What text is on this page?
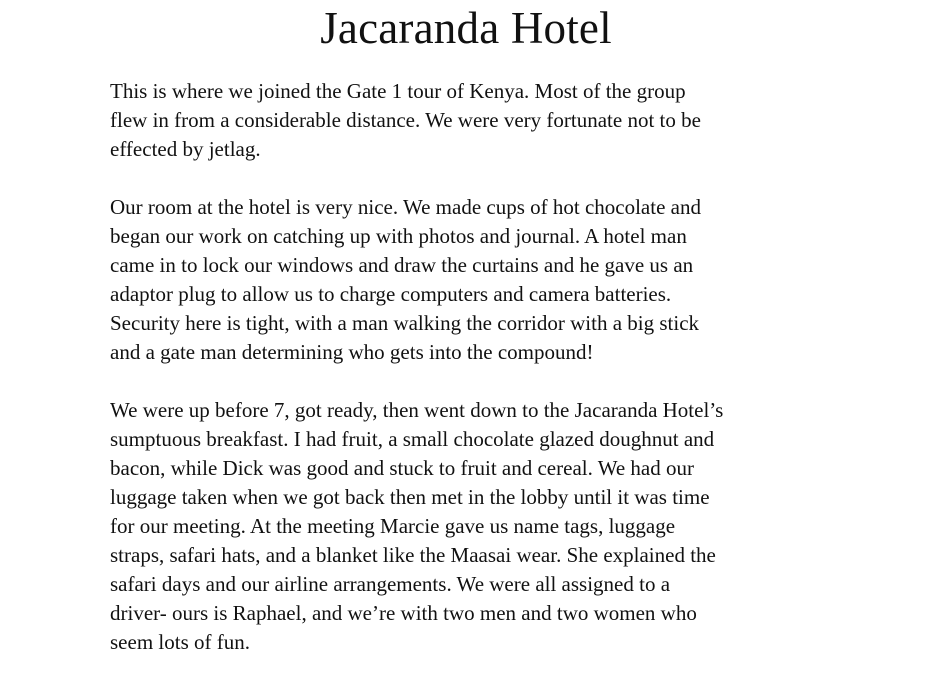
Jacaranda Hotel

This is where we joined the Gate 1 tour of Kenya. Most of the group
flew in from a considerable distance. We were very fortunate not to be
effected by jetlag.

Our room at the hotel is very nice. We made cups of hot chocolate and
began our work on catching up with photos and journal. A hotel man
came in to lock our windows and draw the curtains and he gave us an
adaptor plug to allow us to charge computers and camera batteries.
Security here is tight, with a man walking the corridor with a big stick
and a gate man determining who gets into the compound!

We were up before 7, got ready, then went down to the Jacaranda Hotel’s
sumptuous breakfast. I had fruit, a small chocolate glazed doughnut and
bacon, while Dick was good and stuck to fruit and cereal. We had our
luggage taken when we got back then met in the lobby until it was time
for our meeting. At the meeting Marcie gave us name tags, luggage
straps, safari hats, and a blanket like the Maasai wear. She explained the
safari days and our airline arrangements. We were all assigned to a
driver- ours is Raphael, and we’re with two men and two women who
seem lots of fun.
